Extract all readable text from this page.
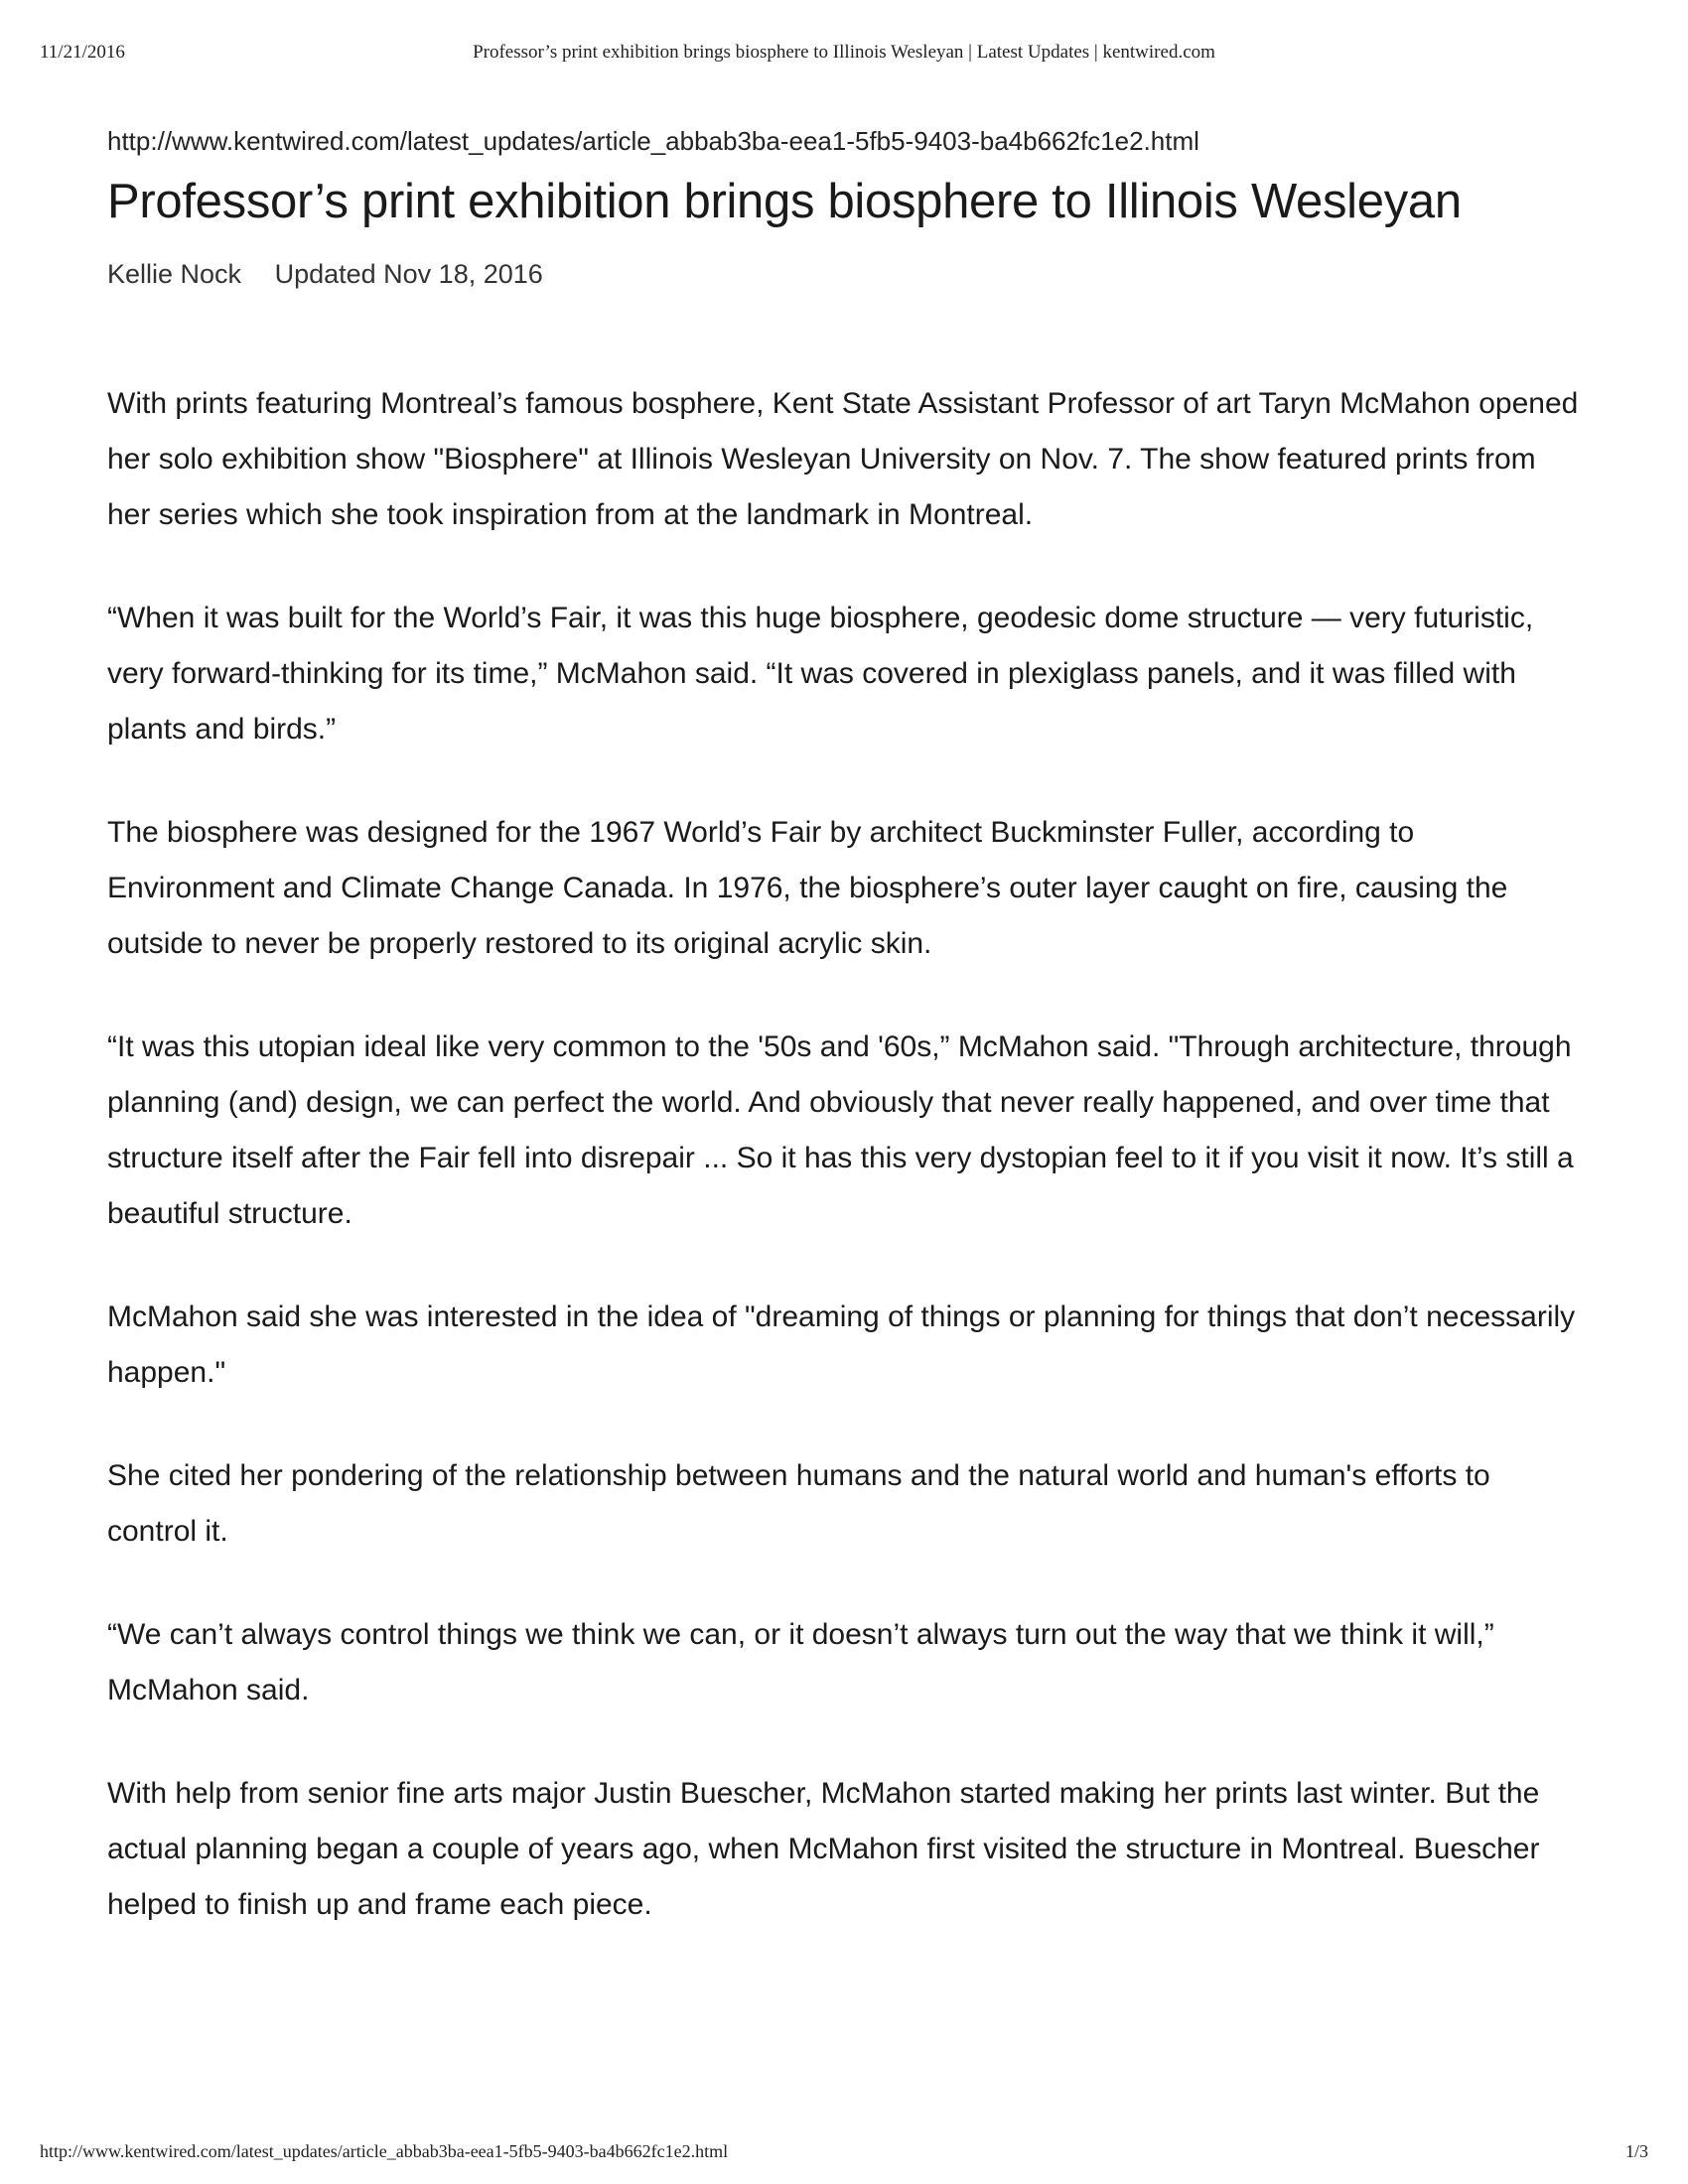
11/21/2016	Professor’s print exhibition brings biosphere to Illinois Wesleyan | Latest Updates | kentwired.com
http://www.kentwired.com/latest_updates/article_abbab3ba-eea1-5fb5-9403-ba4b662fc1e2.html
Professor’s print exhibition brings biosphere to Illinois Wesleyan
Kellie Nock Updated Nov 18, 2016

With prints featuring Montreal’s famous bosphere, Kent State Assistant Professor of art Taryn McMahon opened her solo exhibition show "Biosphere" at Illinois Wesleyan University on Nov. 7. The show featured prints from her series which she took inspiration from at the landmark in Montreal.

“When it was built for the World’s Fair, it was this huge biosphere, geodesic dome structure — very futuristic, very forward-thinking for its time,” McMahon said. “It was covered in plexiglass panels, and it was filled with plants and birds.”

The biosphere was designed for the 1967 World’s Fair by architect Buckminster Fuller, according to Environment and Climate Change Canada. In 1976, the biosphere’s outer layer caught on fire, causing the outside to never be properly restored to its original acrylic skin.

“It was this utopian ideal like very common to the '50s and '60s,” McMahon said. "Through architecture, through planning (and) design, we can perfect the world. And obviously that never really happened, and over time that structure itself after the Fair fell into disrepair ... So it has this very dystopian feel to it if you visit it now. It’s still a beautiful structure.

McMahon said she was interested in the idea of "dreaming of things or planning for things that don’t necessarily happen."

She cited her pondering of the relationship between humans and the natural world and human's efforts to control it.

“We can’t always control things we think we can, or it doesn’t always turn out the way that we think it will,” McMahon said.

With help from senior fine arts major Justin Buescher, McMahon started making her prints last winter. But the actual planning began a couple of years ago, when McMahon first visited the structure in Montreal. Buescher helped to finish up and frame each piece.

http://www.kentwired.com/latest_updates/article_abbab3ba-eea1-5fb5-9403-ba4b662fc1e2.html	1/3
